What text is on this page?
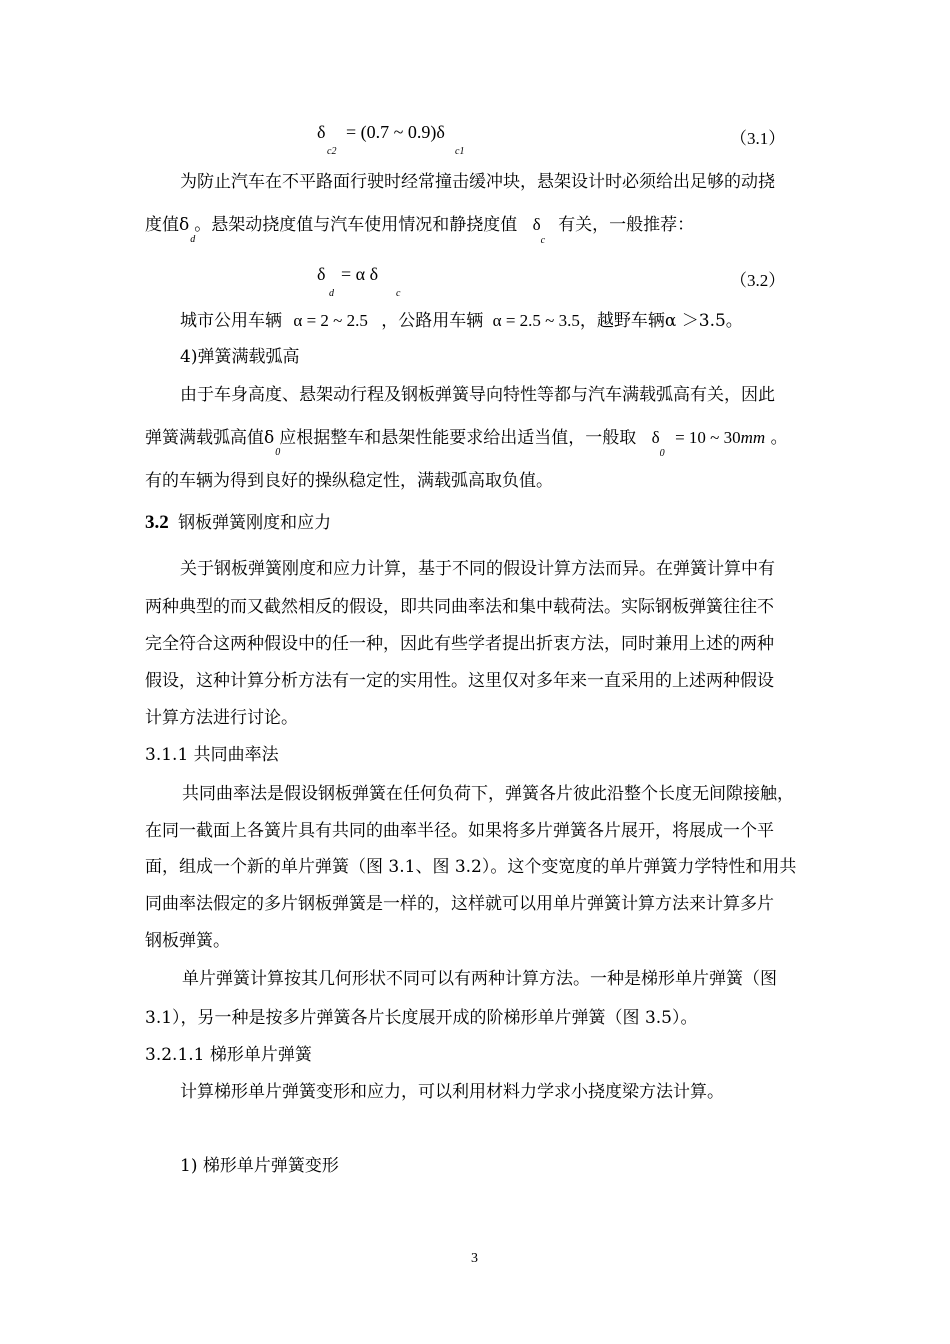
δ
c2
= (0.7 ~ 0.9)δ
c1
（3.1）
为防止汽车在不平路面行驶时经常撞击缓冲块，悬架设计时必须给出足够的动挠
度值$\delta_d$。悬架动挠度值与汽车使用情况和静挠度值 δ
c
有关，一般推荐：
δ
d
= α δ
c
（3.2）
城市公用车辆 α = 2 ~ 2.5 ，公路用车辆 α = 2.5 ~ 3.5，越野车辆α ＞3.5。
4)弹簧满载弧高
由于车身高度、悬架动行程及钢板弹簧导向特性等都与汽车满载弧高有关，因此
弹簧满载弧高值$\delta_0$应根据整车和悬架性能要求给出适当值，一般取 δ
0
= 10 ~ 30mm 。
有的车辆为得到良好的操纵稳定性，满载弧高取负值。
3.2 钢板弹簧刚度和应力
关于钢板弹簧刚度和应力计算，基于不同的假设计算方法而异。在弹簧计算中有
两种典型的而又截然相反的假设，即共同曲率法和集中载荷法。实际钢板弹簧往往不
完全符合这两种假设中的任一种，因此有些学者提出折衷方法，同时兼用上述的两种
假设，这种计算分析方法有一定的实用性。这里仅对多年来一直采用的上述两种假设
计算方法进行讨论。
3.1.1 共同曲率法
共同曲率法是假设钢板弹簧在任何负荷下，弹簧各片彼此沿整个长度无间隙接触，
在同一截面上各簧片具有共同的曲率半径。如果将多片弹簧各片展开，将展成一个平
面，组成一个新的单片弹簧（图 3.1、图 3.2）。这个变宽度的单片弹簧力学特性和用共
同曲率法假定的多片钢板弹簧是一样的，这样就可以用单片弹簧计算方法来计算多片
钢板弹簧。
单片弹簧计算按其几何形状不同可以有两种计算方法。一种是梯形单片弹簧（图
3.1），另一种是按多片弹簧各片长度展开成的阶梯形单片弹簧（图 3.5）。
3.2.1.1 梯形单片弹簧
计算梯形单片弹簧变形和应力，可以利用材料力学求小挠度梁方法计算。
1) 梯形单片弹簧变形
3
